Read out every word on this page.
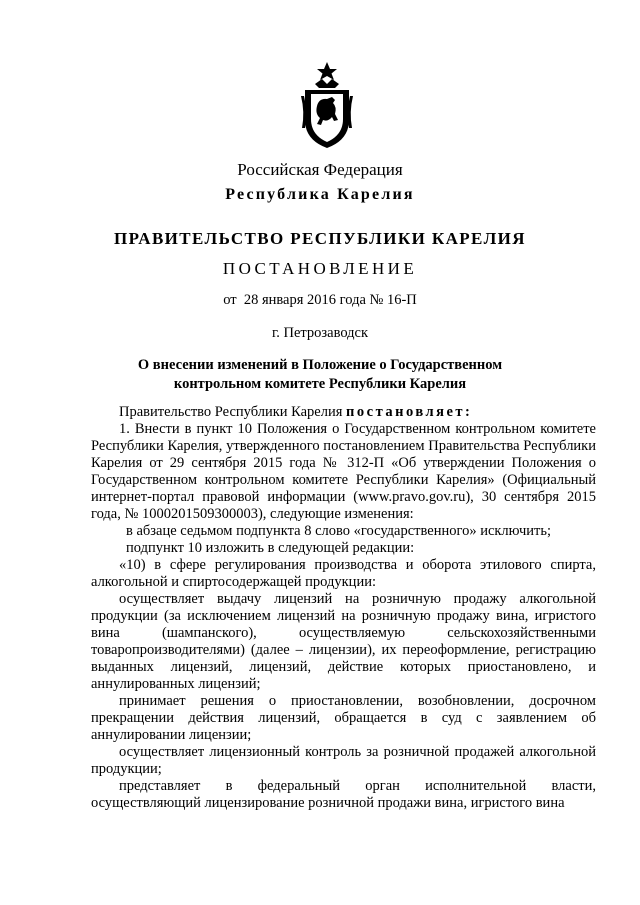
Российская Федерация
Республика Карелия
ПРАВИТЕЛЬСТВО РЕСПУБЛИКИ КАРЕЛИЯ
ПОСТАНОВЛЕНИЕ
от  28 января 2016 года № 16-П
г. Петрозаводск
О внесении изменений в Положение о Государственном
контрольном комитете Республики Карелия

Правительство Республики Карелия постановляет:

1. Внести в пункт 10 Положения о Государственном контрольном комитете Республики Карелия, утвержденного постановлением Правительства Республики Карелия от 29 сентября 2015 года № 312-П «Об утверждении Положения о Государственном контрольном комитете Республики Карелия» (Официальный интернет-портал правовой информации (www.pravo.gov.ru), 30 сентября 2015 года, № 1000201509300003), следующие изменения:

в абзаце седьмом подпункта 8 слово «государственного» исключить;

подпункт 10 изложить в следующей редакции:

«10) в сфере регулирования производства и оборота этилового спирта, алкогольной и спиртосодержащей продукции:

осуществляет выдачу лицензий на розничную продажу алкогольной продукции (за исключением лицензий на розничную продажу вина, игристого вина (шампанского), осуществляемую сельскохозяйственными товаропроизводителями) (далее – лицензии), их переоформление, регистрацию выданных лицензий, лицензий, действие которых приостановлено, и аннулированных лицензий;

принимает решения о приостановлении, возобновлении, досрочном прекращении действия лицензий, обращается в суд с заявлением об аннулировании лицензии;

осуществляет лицензионный контроль за розничной продажей алкогольной продукции;

представляет в федеральный орган исполнительной власти, осуществляющий лицензирование розничной продажи вина, игристого вина
